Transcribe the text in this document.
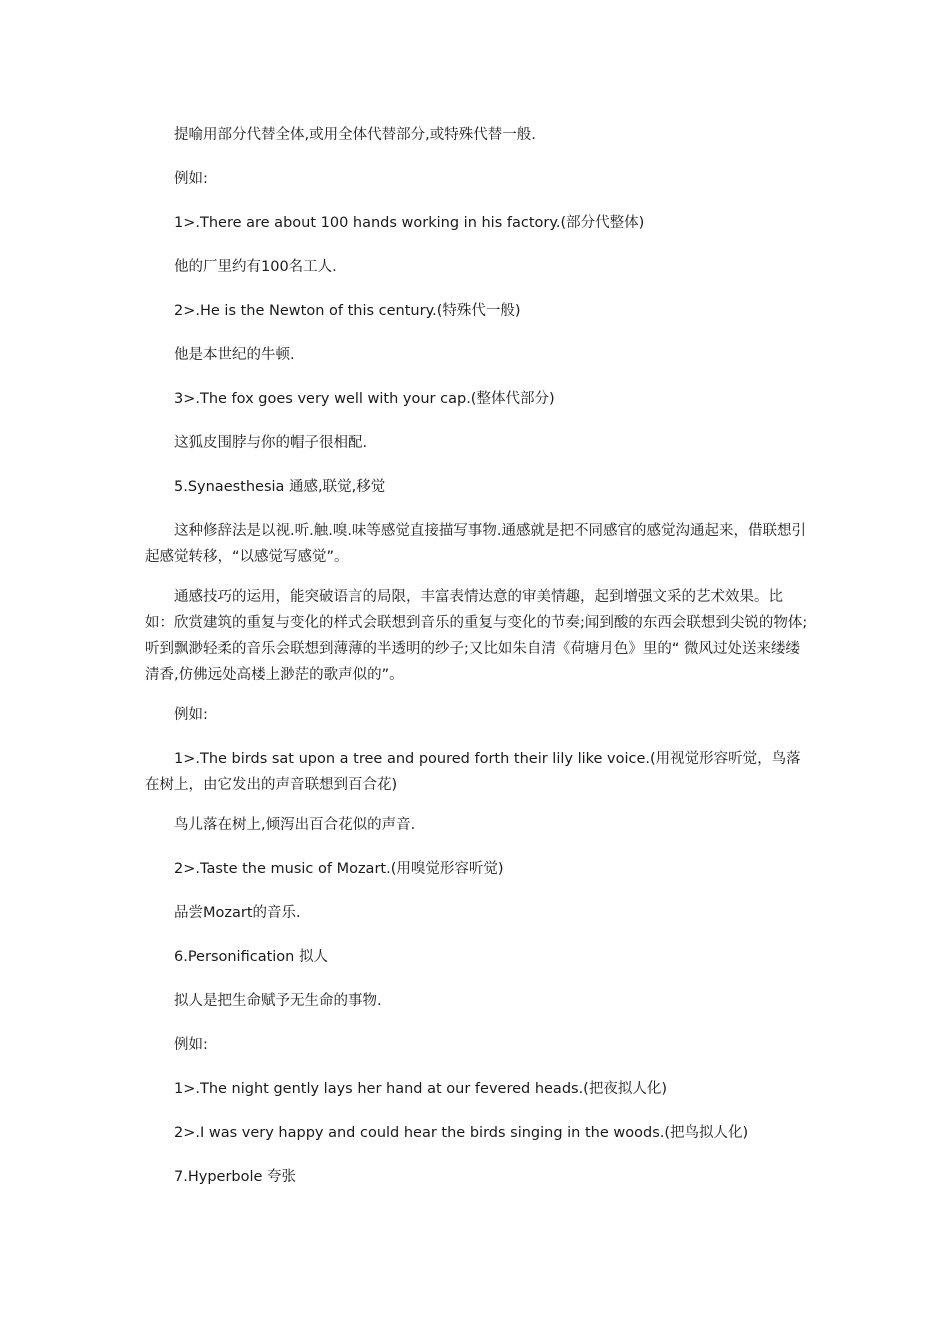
提喻用部分代替全体,或用全体代替部分,或特殊代替一般.

例如:

1>.There are about 100 hands working in his factory.(部分代整体)

他的厂里约有100名工人.

2>.He is the Newton of this century.(特殊代一般)

他是本世纪的牛顿.

3>.The fox goes very well with your cap.(整体代部分)

这狐皮围脖与你的帽子很相配.

5.Synaesthesia 通感,联觉,移觉

这种修辞法是以视.听.触.嗅.味等感觉直接描写事物.通感就是把不同感官的感觉沟通起来，借联想引起感觉转移，“以感觉写感觉”。

通感技巧的运用，能突破语言的局限，丰富表情达意的审美情趣，起到增强文采的艺术效果。比如：欣赏建筑的重复与变化的样式会联想到音乐的重复与变化的节奏;闻到酸的东西会联想到尖锐的物体;听到飘渺轻柔的音乐会联想到薄薄的半透明的纱子;又比如朱自清《荷塘月色》里的“ 微风过处送来缕缕清香,仿佛远处高楼上渺茫的歌声似的”。

例如:

1>.The birds sat upon a tree and poured forth their lily like voice.(用视觉形容听觉，鸟落在树上，由它发出的声音联想到百合花)

鸟儿落在树上,倾泻出百合花似的声音.

2>.Taste the music of Mozart.(用嗅觉形容听觉)

品尝Mozart的音乐.

6.Personification 拟人

拟人是把生命赋予无生命的事物.

例如:

1>.The night gently lays her hand at our fevered heads.(把夜拟人化)

2>.I was very happy and could hear the birds singing in the woods.(把鸟拟人化)

7.Hyperbole 夸张
